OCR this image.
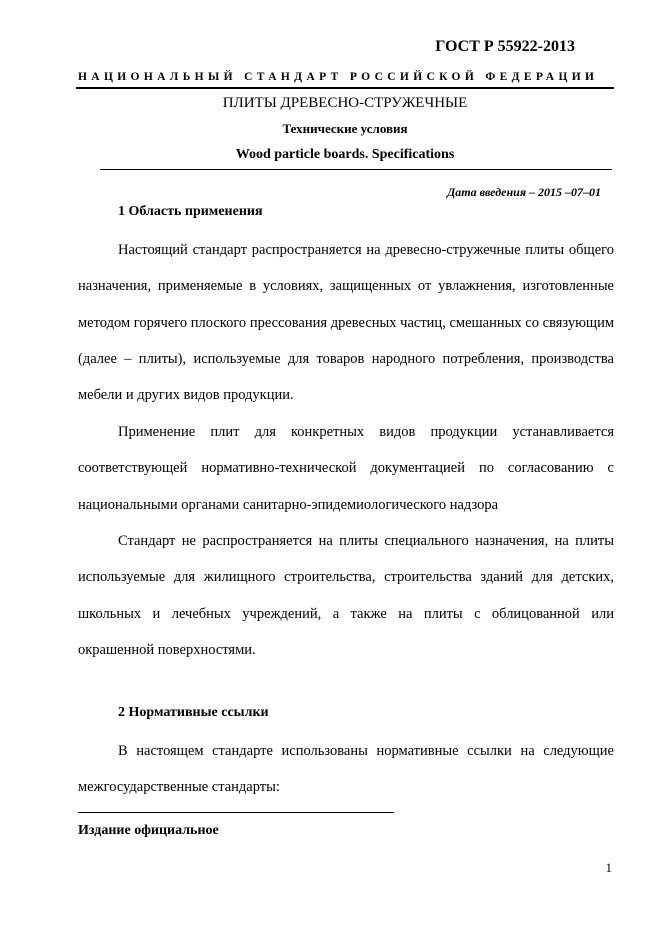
ГОСТ Р 55922-2013
НАЦИОНАЛЬНЫЙ СТАНДАРТ РОССИЙСКОЙ ФЕДЕРАЦИИ
ПЛИТЫ ДРЕВЕСНО-СТРУЖЕЧНЫЕ
Технические условия
Wood particle boards. Specifications
Дата введения – 2015 –07–01
1 Область применения

Настоящий стандарт распространяется на древесно-стружечные плиты общего назначения, применяемые в условиях, защищенных от увлажнения, изготовленные методом горячего плоского прессования древесных частиц, смешанных со связующим (далее – плиты), используемые для товаров народного потребления, производства мебели и других видов продукции.

Применение плит для конкретных видов продукции устанавливается соответствующей нормативно-технической документацией по согласованию с национальными органами санитарно-эпидемиологического надзора

Стандарт не распространяется на плиты специального назначения, на плиты используемые для жилищного строительства, строительства зданий для детских, школьных и лечебных учреждений, а также на плиты с облицованной или окрашенной поверхностями.

2 Нормативные ссылки

В настоящем стандарте использованы нормативные ссылки на следующие межгосударственные стандарты:

Издание официальное
1
